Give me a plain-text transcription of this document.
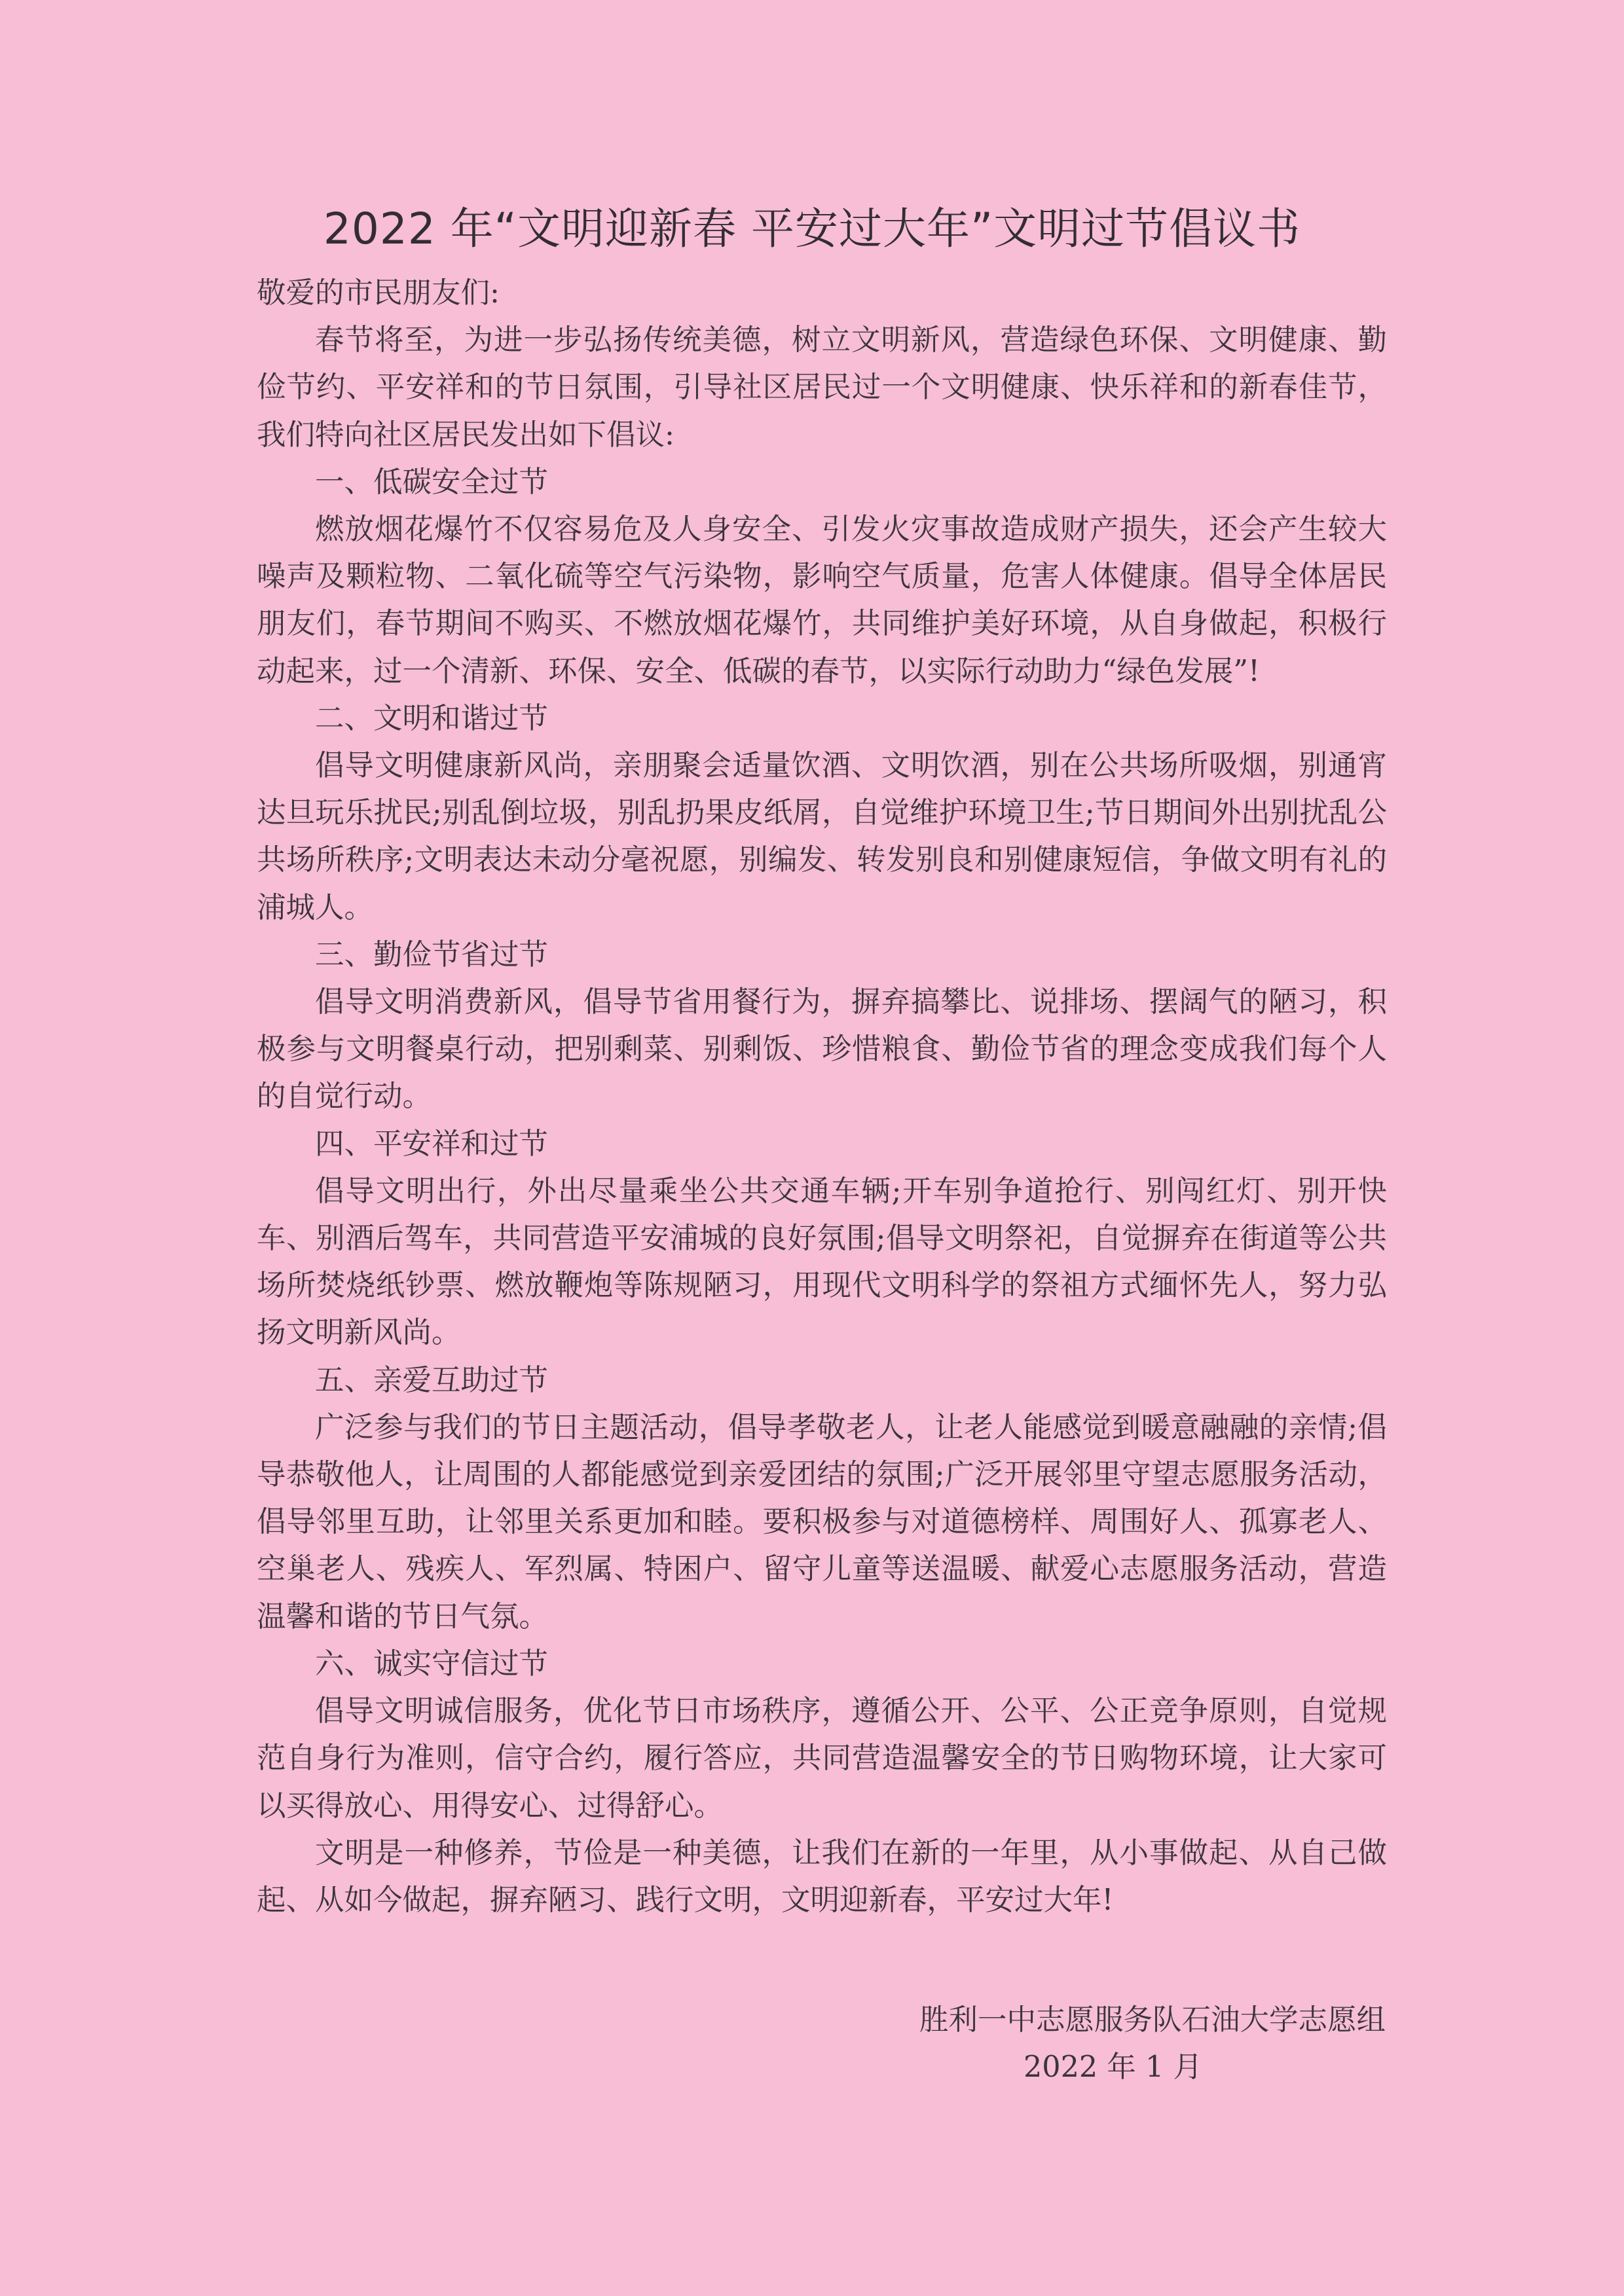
2022 年“文明迎新春 平安过大年”文明过节倡议书

敬爱的市民朋友们:

春节将至，为进一步弘扬传统美德，树立文明新风，营造绿色环保、文明健康、勤俭节约、平安祥和的节日氛围，引导社区居民过一个文明健康、快乐祥和的新春佳节，我们特向社区居民发出如下倡议:

一、低碳安全过节

燃放烟花爆竹不仅容易危及人身安全、引发火灾事故造成财产损失，还会产生较大噪声及颗粒物、二氧化硫等空气污染物，影响空气质量，危害人体健康。倡导全体居民朋友们，春节期间不购买、不燃放烟花爆竹，共同维护美好环境，从自身做起，积极行动起来，过一个清新、环保、安全、低碳的春节，以实际行动助力“绿色发展”!

二、文明和谐过节

倡导文明健康新风尚，亲朋聚会适量饮酒、文明饮酒，别在公共场所吸烟，别通宵达旦玩乐扰民;别乱倒垃圾，别乱扔果皮纸屑，自觉维护环境卫生;节日期间外出别扰乱公共场所秩序;文明表达未动分毫祝愿，别编发、转发别良和别健康短信，争做文明有礼的浦城人。

三、勤俭节省过节

倡导文明消费新风，倡导节省用餐行为，摒弃搞攀比、说排场、摆阔气的陋习，积极参与文明餐桌行动，把别剩菜、别剩饭、珍惜粮食、勤俭节省的理念变成我们每个人的自觉行动。

四、平安祥和过节

倡导文明出行，外出尽量乘坐公共交通车辆;开车别争道抢行、别闯红灯、别开快车、别酒后驾车，共同营造平安浦城的良好氛围;倡导文明祭祀，自觉摒弃在街道等公共场所焚烧纸钞票、燃放鞭炮等陈规陋习，用现代文明科学的祭祖方式缅怀先人，努力弘扬文明新风尚。

五、亲爱互助过节

广泛参与我们的节日主题活动，倡导孝敬老人，让老人能感觉到暖意融融的亲情;倡导恭敬他人，让周围的人都能感觉到亲爱团结的氛围;广泛开展邻里守望志愿服务活动，倡导邻里互助，让邻里关系更加和睦。要积极参与对道德榜样、周围好人、孤寡老人、空巢老人、残疾人、军烈属、特困户、留守儿童等送温暖、献爱心志愿服务活动，营造温馨和谐的节日气氛。

六、诚实守信过节

倡导文明诚信服务，优化节日市场秩序，遵循公开、公平、公正竞争原则，自觉规范自身行为准则，信守合约，履行答应，共同营造温馨安全的节日购物环境，让大家可以买得放心、用得安心、过得舒心。

文明是一种修养，节俭是一种美德，让我们在新的一年里，从小事做起、从自己做起、从如今做起，摒弃陋习、践行文明，文明迎新春，平安过大年!

胜利一中志愿服务队石油大学志愿组
2022 年 1 月
